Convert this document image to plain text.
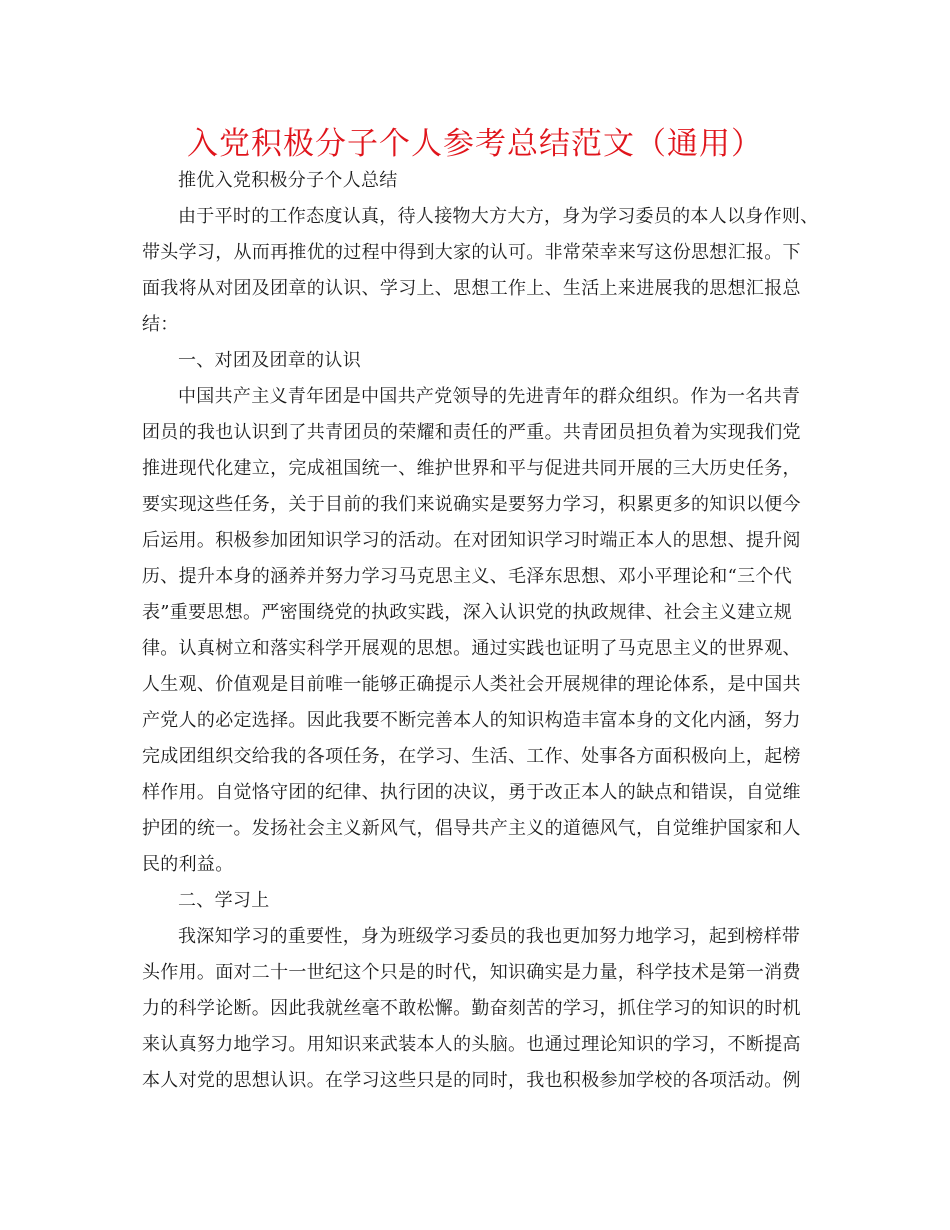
入党积极分子个人参考总结范文（通用）
推优入党积极分子个人总结
由于平时的工作态度认真，待人接物大方大方，身为学习委员的本人以身作则、
带头学习，从而再推优的过程中得到大家的认可。非常荣幸来写这份思想汇报。下
面我将从对团及团章的认识、学习上、思想工作上、生活上来进展我的思想汇报总
结：
一、对团及团章的认识
中国共产主义青年团是中国共产党领导的先进青年的群众组织。作为一名共青
团员的我也认识到了共青团员的荣耀和责任的严重。共青团员担负着为实现我们党
推进现代化建立，完成祖国统一、维护世界和平与促进共同开展的三大历史任务，
要实现这些任务，关于目前的我们来说确实是要努力学习，积累更多的知识以便今
后运用。积极参加团知识学习的活动。在对团知识学习时端正本人的思想、提升阅
历、提升本身的涵养并努力学习马克思主义、毛泽东思想、邓小平理论和“三个代
表”重要思想。严密围绕党的执政实践，深入认识党的执政规律、社会主义建立规
律。认真树立和落实科学开展观的思想。通过实践也证明了马克思主义的世界观、
人生观、价值观是目前唯一能够正确提示人类社会开展规律的理论体系，是中国共
产党人的必定选择。因此我要不断完善本人的知识构造丰富本身的文化内涵，努力
完成团组织交给我的各项任务，在学习、生活、工作、处事各方面积极向上，起榜
样作用。自觉恪守团的纪律、执行团的决议，勇于改正本人的缺点和错误，自觉维
护团的统一。发扬社会主义新风气，倡导共产主义的道德风气，自觉维护国家和人
民的利益。
二、学习上
我深知学习的重要性，身为班级学习委员的我也更加努力地学习，起到榜样带
头作用。面对二十一世纪这个只是的时代，知识确实是力量，科学技术是第一消费
力的科学论断。因此我就丝毫不敢松懈。勤奋刻苦的学习，抓住学习的知识的时机
来认真努力地学习。用知识来武装本人的头脑。也通过理论知识的学习，不断提高
本人对党的思想认识。在学习这些只是的同时，我也积极参加学校的各项活动。例
